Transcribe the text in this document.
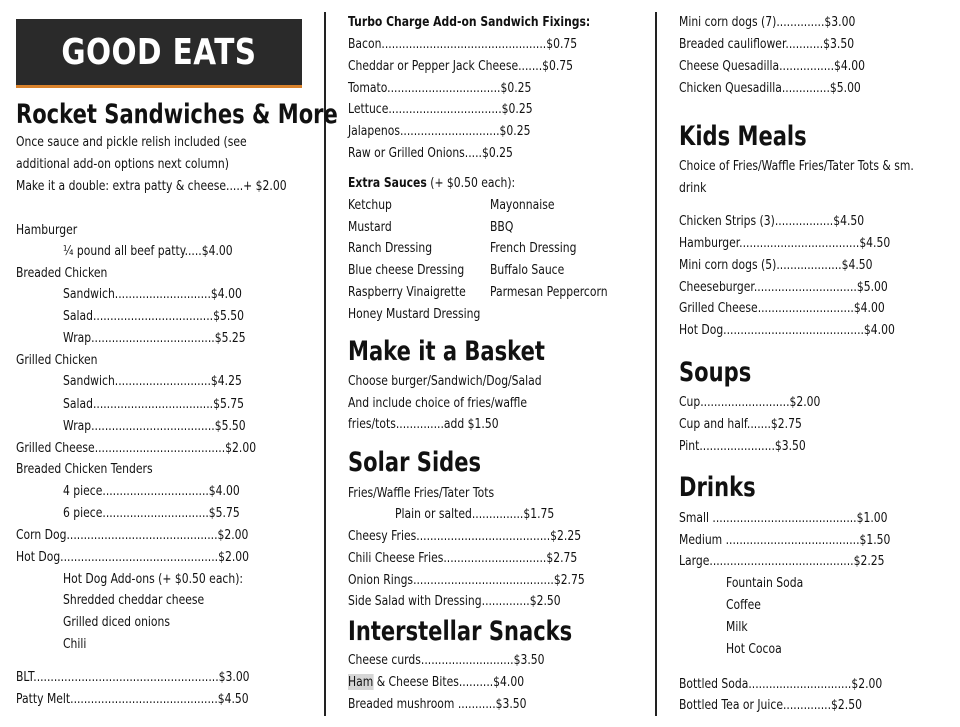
GOOD EATS
Rocket Sandwiches & More
Once sauce and pickle relish included (see
additional add-on options next column)
Make it a double: extra patty & cheese.....+ $2.00
Hamburger
¼ pound all beef patty.....$4.00
Breaded Chicken
Sandwich............................$4.00
Salad...................................$5.50
Wrap....................................$5.25
Grilled Chicken
Sandwich............................$4.25
Salad...................................$5.75
Wrap....................................$5.50
Grilled Cheese......................................$2.00
Breaded Chicken Tenders
4 piece...............................$4.00
6 piece...............................$5.75
Corn Dog............................................$2.00
Hot Dog..............................................$2.00
Hot Dog Add-ons (+ $0.50 each):
Shredded cheddar cheese
Grilled diced onions
Chili
BLT......................................................$3.00
Patty Melt...........................................$4.50
Turbo Charge Add-on Sandwich Fixings:
Bacon................................................$0.75
Cheddar or Pepper Jack Cheese.......$0.75
Tomato.................................$0.25
Lettuce.................................$0.25
Jalapenos.............................$0.25
Raw or Grilled Onions.....$0.25
Extra Sauces (+ $0.50 each):
Ketchup
Mustard
Ranch Dressing
Blue cheese Dressing
Raspberry Vinaigrette
Honey Mustard Dressing
Mayonnaise
BBQ
French Dressing
Buffalo Sauce
Parmesan Peppercorn
Make it a Basket
Choose burger/Sandwich/Dog/Salad
And include choice of fries/waffle
fries/tots..............add $1.50
Solar Sides
Fries/Waffle Fries/Tater Tots
Plain or salted...............$1.75
Cheesy Fries.......................................$2.25
Chili Cheese Fries..............................$2.75
Onion Rings.........................................$2.75
Side Salad with Dressing..............$2.50
Interstellar Snacks
Cheese curds...........................$3.50
Ham & Cheese Bites..........$4.00
Breaded mushroom ...........$3.50
Mini corn dogs (7)..............$3.00
Breaded cauliflower...........$3.50
Cheese Quesadilla................$4.00
Chicken Quesadilla..............$5.00
Kids Meals
Choice of Fries/Waffle Fries/Tater Tots & sm.
drink
Chicken Strips (3).................$4.50
Hamburger...................................$4.50
Mini corn dogs (5)...................$4.50
Cheeseburger..............................$5.00
Grilled Cheese............................$4.00
Hot Dog.........................................$4.00
Soups
Cup..........................$2.00
Cup and half.......$2.75
Pint......................$3.50
Drinks
Small ..........................................$1.00
Medium .......................................$1.50
Large..........................................$2.25
Fountain Soda
Coffee
Milk
Hot Cocoa
Bottled Soda..............................$2.00
Bottled Tea or Juice..............$2.50
